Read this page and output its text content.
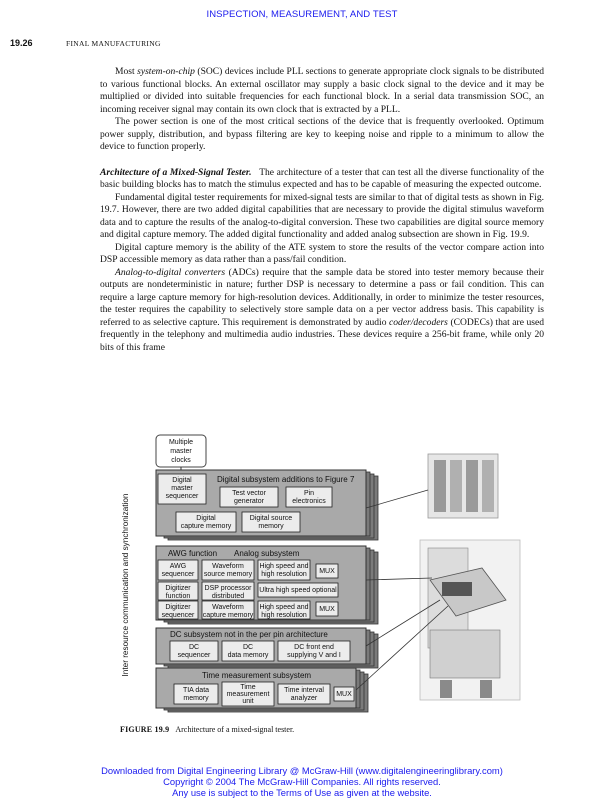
INSPECTION, MEASUREMENT, AND TEST
19.26	FINAL MANUFACTURING

Most system-on-chip (SOC) devices include PLL sections to generate appropriate clock signals to be distributed to various functional blocks. An external oscillator may supply a basic clock signal to the device and it may be multiplied or divided into suitable frequencies for each functional block. In a serial data transmission SOC, an incoming receiver signal may contain its own clock that is extracted by a PLL.

The power section is one of the most critical sections of the device that is frequently overlooked. Optimum power supply, distribution, and bypass filtering are key to keeping noise and ripple to a minimum to allow the device to function properly.

Architecture of a Mixed-Signal Tester. The architecture of a tester that can test all the diverse functionality of the basic building blocks has to match the stimulus expected and has to be capable of measuring the expected outcome.

Fundamental digital tester requirements for mixed-signal tests are similar to that of digital tests as shown in Fig. 19.7. However, there are two added digital capabilities that are necessary to provide the digital stimulus waveform data and to capture the results of the analog-to-digital conversion. These two capabilities are digital source memory and digital capture memory. The added digital functionality and added analog subsection are shown in Fig. 19.9.

Digital capture memory is the ability of the ATE system to store the results of the vector compare action into DSP accessible memory as data rather than a pass/fail condition.

Analog-to-digital converters (ADCs) require that the sample data be stored into tester memory because their outputs are nondeterministic in nature; further DSP is necessary to determine a pass or fail condition. This can require a large capture memory for high-resolution devices. Additionally, in order to minimize the tester resources, the tester requires the capability to selectively store sample data on a per vector address basis. This capability is referred to as selective capture. This requirement is demonstrated by audio coder/decoders (CODECs) that are used frequently in the telephony and multimedia audio industries. These devices require a 256-bit frame, while only 20 bits of this frame

Inter resource communication and synchronization
Multiple
master
clocks
Digital subsystem additions to Figure 7
Digital
master
sequencer	Test vector
generator
Pin
electronics
Digital
capture memory
Digital source
memory
AWG function Analog subsystem
AWG
sequencer
Waveform
source memory
High speed and
high resolution MUX
Digitizer
function
DSP processor
distributed
Ultra high speed optional
Digitizer
sequencer
Waveform
capture memory
High speed and
high resolution
MUX
DC subsystem not in the per pin architecture
DC
sequencer
DC
data memory
DC front end
supplying V and I
Time measurement subsystem
TIA data
memory
Time
measurement
unit
Time interval
analyzer
MUX
FIGURE 19.9 Architecture of a mixed-signal tester.
Downloaded from Digital Engineering Library @ McGraw-Hill (www.digitalengineeringlibrary.com)
Copyright © 2004 The McGraw-Hill Companies. All rights reserved.
Any use is subject to the Terms of Use as given at the website.
